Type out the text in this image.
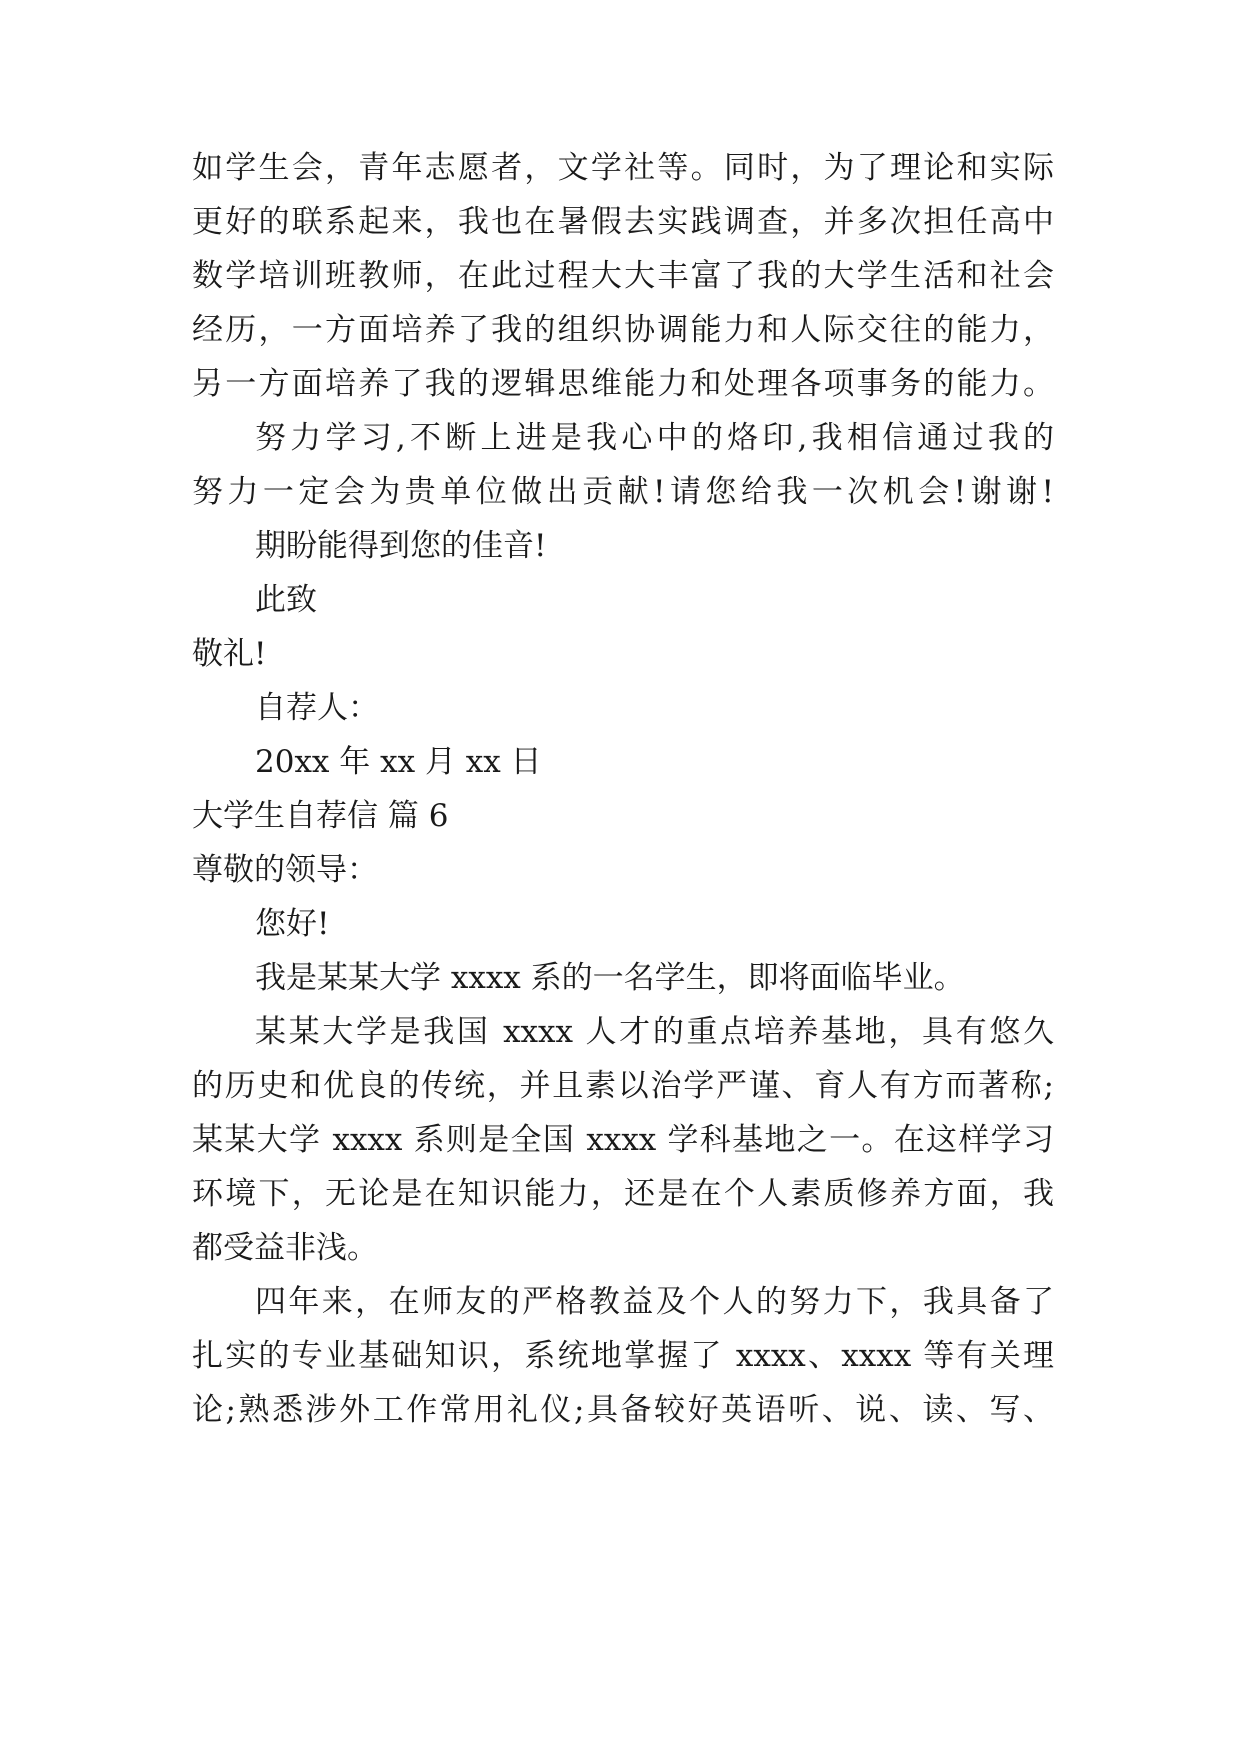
如学生会，青年志愿者，文学社等。同时，为了理论和实际
更好的联系起来，我也在暑假去实践调查，并多次担任高中
数学培训班教师，在此过程大大丰富了我的大学生活和社会
经历，一方面培养了我的组织协调能力和人际交往的能力，
另一方面培养了我的逻辑思维能力和处理各项事务的能力。
努力学习,不断上进是我心中的烙印,我相信通过我的
努力一定会为贵单位做出贡献!请您给我一次机会!谢谢!
期盼能得到您的佳音!
此致
敬礼!
自荐人：
20xx 年 xx 月 xx 日
大学生自荐信 篇 6
尊敬的领导：
您好!
我是某某大学 xxxx 系的一名学生，即将面临毕业。
某某大学是我国 xxxx 人才的重点培养基地，具有悠久
的历史和优良的传统，并且素以治学严谨、育人有方而著称;
某某大学 xxxx 系则是全国 xxxx 学科基地之一。在这样学习
环境下，无论是在知识能力，还是在个人素质修养方面，我
都受益非浅。
四年来，在师友的严格教益及个人的努力下，我具备了
扎实的专业基础知识，系统地掌握了 xxxx、xxxx 等有关理
论;熟悉涉外工作常用礼仪;具备较好英语听、说、读、写、
